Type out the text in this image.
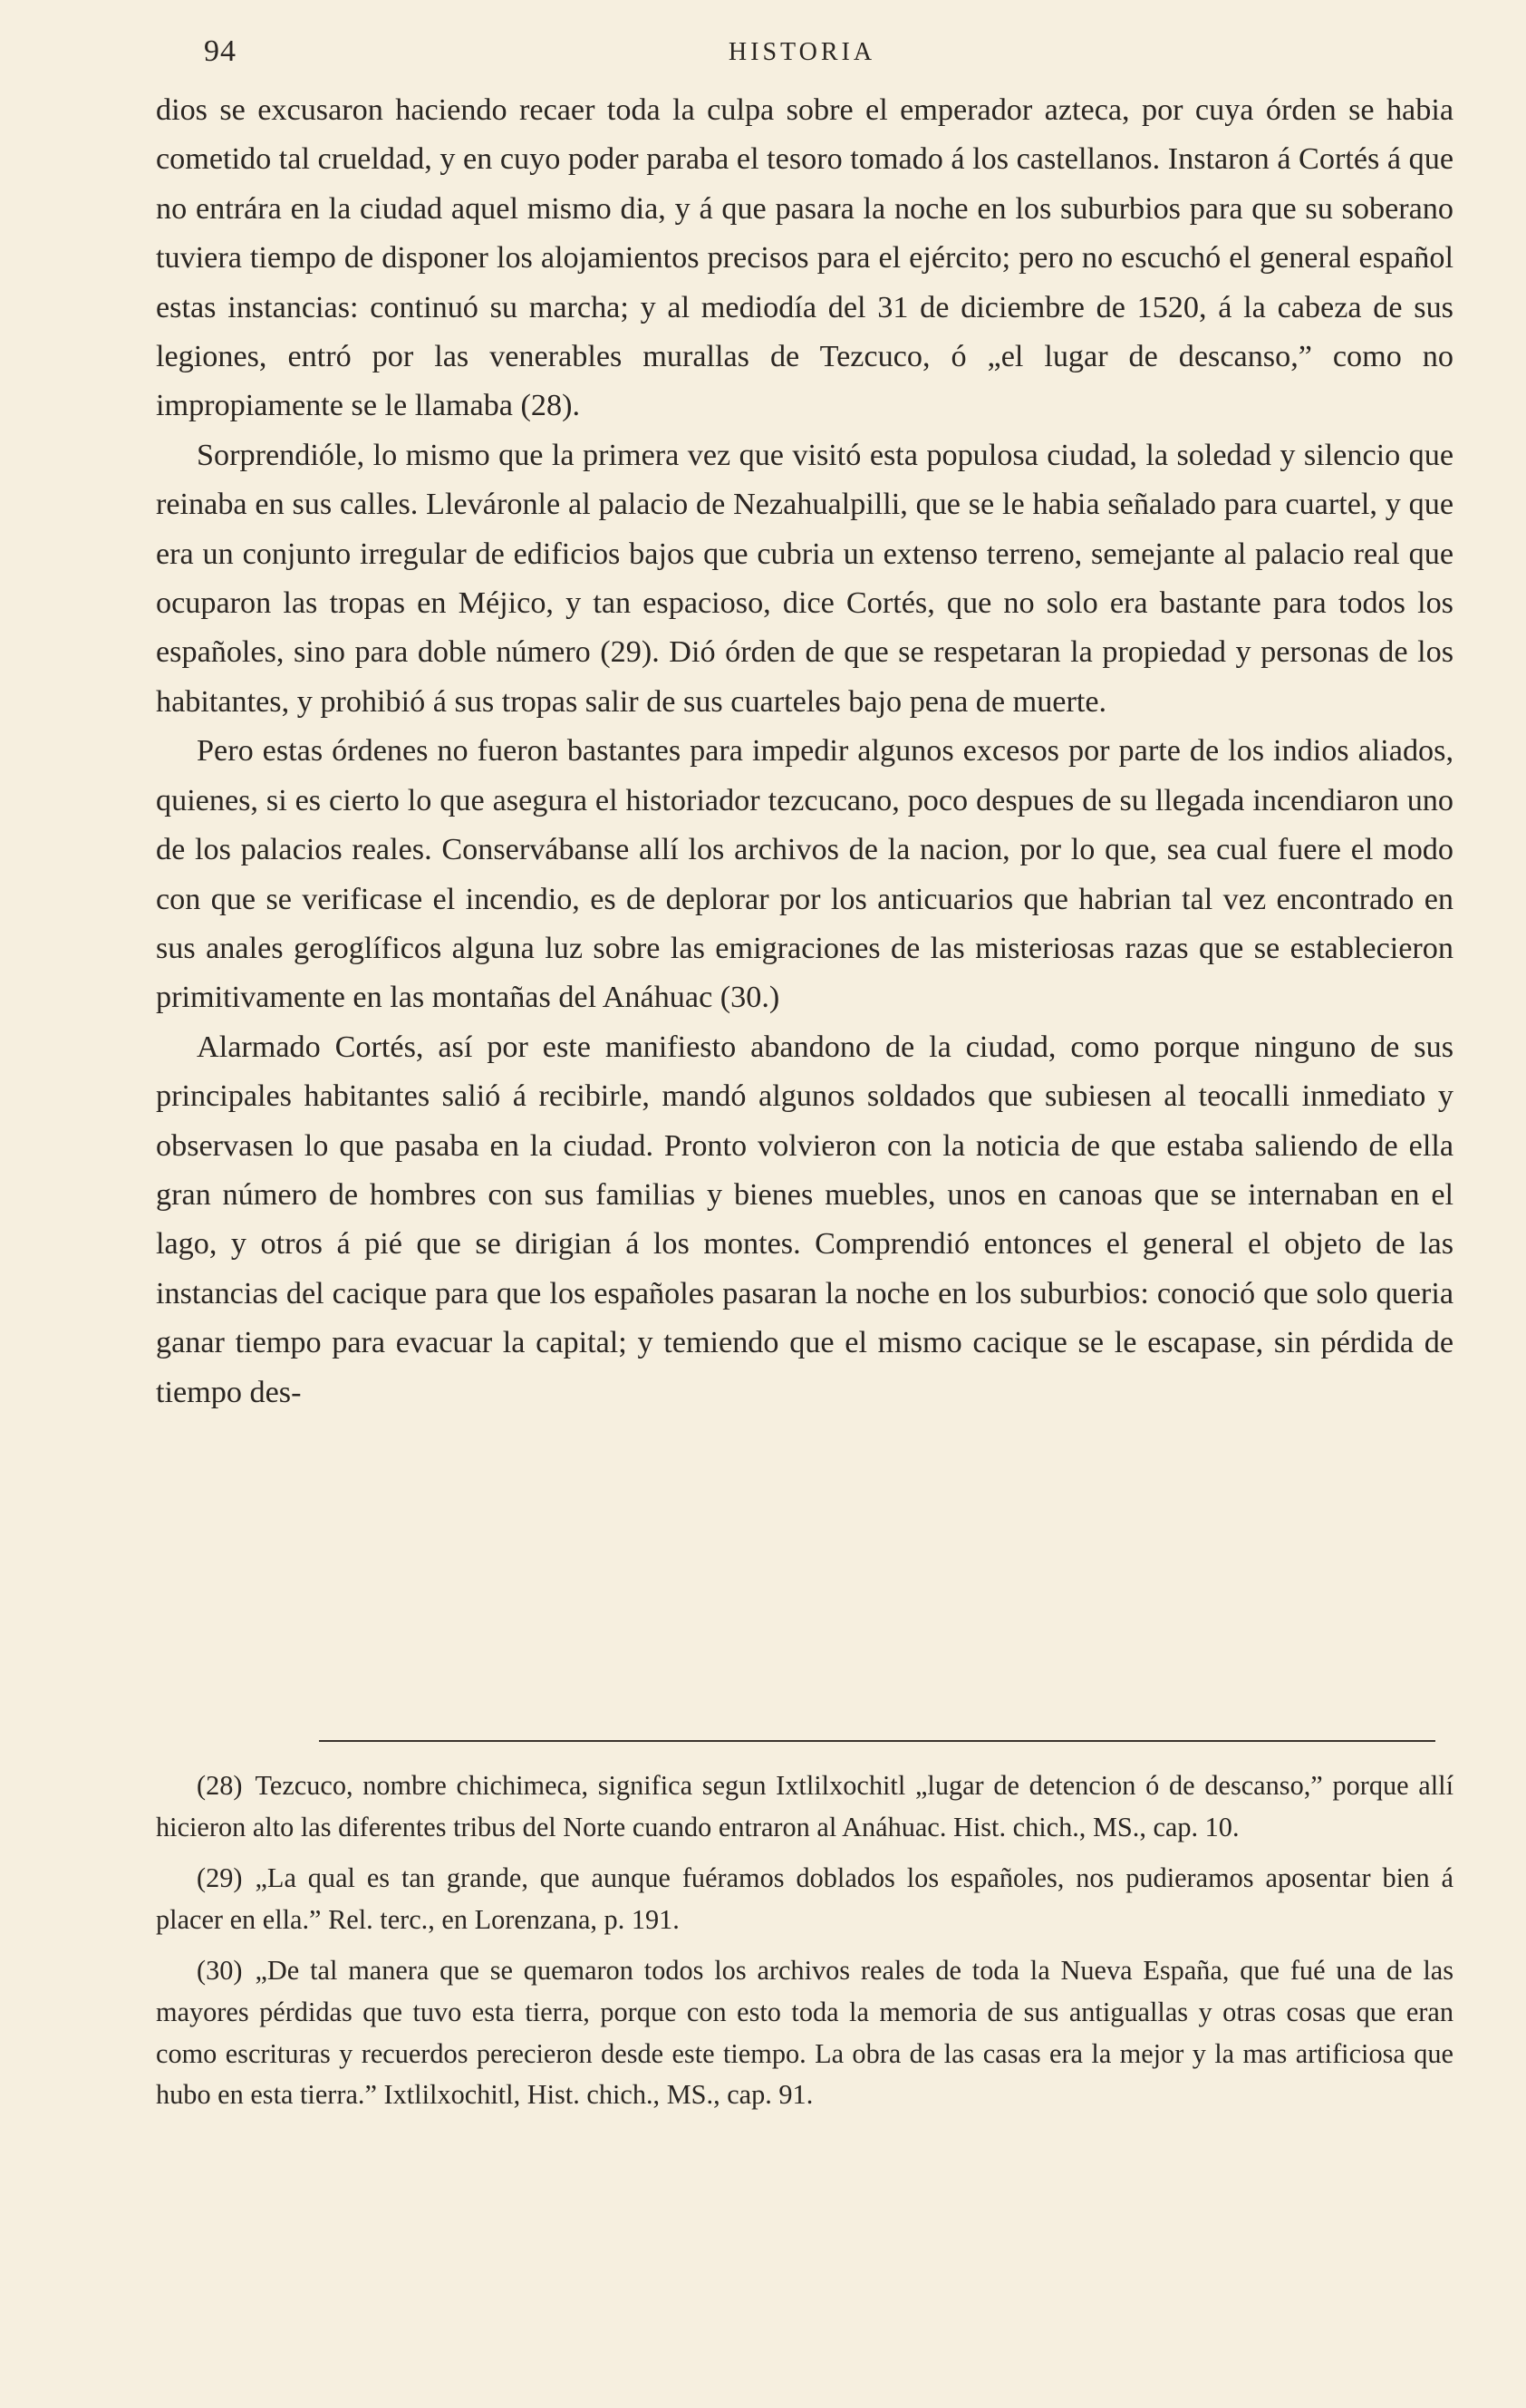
94	HISTORIA

dios se excusaron haciendo recaer toda la culpa sobre el emperador azteca, por cuya órden se habia cometido tal crueldad, y en cuyo poder paraba el tesoro tomado á los castellanos. Instaron á Cortés á que no entrára en la ciudad aquel mismo dia, y á que pasara la noche en los suburbios para que su soberano tuviera tiempo de disponer los alojamientos precisos para el ejército; pero no escuchó el general español estas instancias: continuó su marcha; y al mediodía del 31 de diciembre de 1520, á la cabeza de sus legiones, entró por las venerables murallas de Tezcuco, ó „el lugar de descanso,” como no impropiamente se le llamaba (28).

Sorprendióle, lo mismo que la primera vez que visitó esta populosa ciudad, la soledad y silencio que reinaba en sus calles. Lleváronle al palacio de Nezahualpilli, que se le habia señalado para cuartel, y que era un conjunto irregular de edificios bajos que cubria un extenso terreno, semejante al palacio real que ocuparon las tropas en Méjico, y tan espacioso, dice Cortés, que no solo era bastante para todos los españoles, sino para doble número (29). Dió órden de que se respetaran la propiedad y personas de los habitantes, y prohibió á sus tropas salir de sus cuarteles bajo pena de muerte.

Pero estas órdenes no fueron bastantes para impedir algunos excesos por parte de los indios aliados, quienes, si es cierto lo que asegura el historiador tezcucano, poco despues de su llegada incendiaron uno de los palacios reales. Conservábanse allí los archivos de la nacion, por lo que, sea cual fuere el modo con que se verificase el incendio, es de deplorar por los anticuarios que habrian tal vez encontrado en sus anales geroglíficos alguna luz sobre las emigraciones de las misteriosas razas que se establecieron primitivamente en las montañas del Anáhuac (30.)

Alarmado Cortés, así por este manifiesto abandono de la ciudad, como porque ninguno de sus principales habitantes salió á recibirle, mandó algunos soldados que subiesen al teocalli inmediato y observasen lo que pasaba en la ciudad. Pronto volvieron con la noticia de que estaba saliendo de ella gran número de hombres con sus familias y bienes muebles, unos en canoas que se internaban en el lago, y otros á pié que se dirigian á los montes. Comprendió entonces el general el objeto de las instancias del cacique para que los españoles pasaran la noche en los suburbios: conoció que solo queria ganar tiempo para evacuar la capital; y temiendo que el mismo cacique se le escapase, sin pérdida de tiempo des-

(28) Tezcuco, nombre chichimeca, significa segun Ixtlilxochitl „lugar de detencion ó de descanso,” porque allí hicieron alto las diferentes tribus del Norte cuando entraron al Anáhuac. Hist. chich., MS., cap. 10.

(29) „La qual es tan grande, que aunque fuéramos doblados los españoles, nos pudieramos aposentar bien á placer en ella.” Rel. terc., en Lorenzana, p. 191.

(30) „De tal manera que se quemaron todos los archivos reales de toda la Nueva España, que fué una de las mayores pérdidas que tuvo esta tierra, porque con esto toda la memoria de sus antiguallas y otras cosas que eran como escrituras y recuerdos perecieron desde este tiempo. La obra de las casas era la mejor y la mas artificiosa que hubo en esta tierra.” Ixtlilxochitl, Hist. chich., MS., cap. 91.
